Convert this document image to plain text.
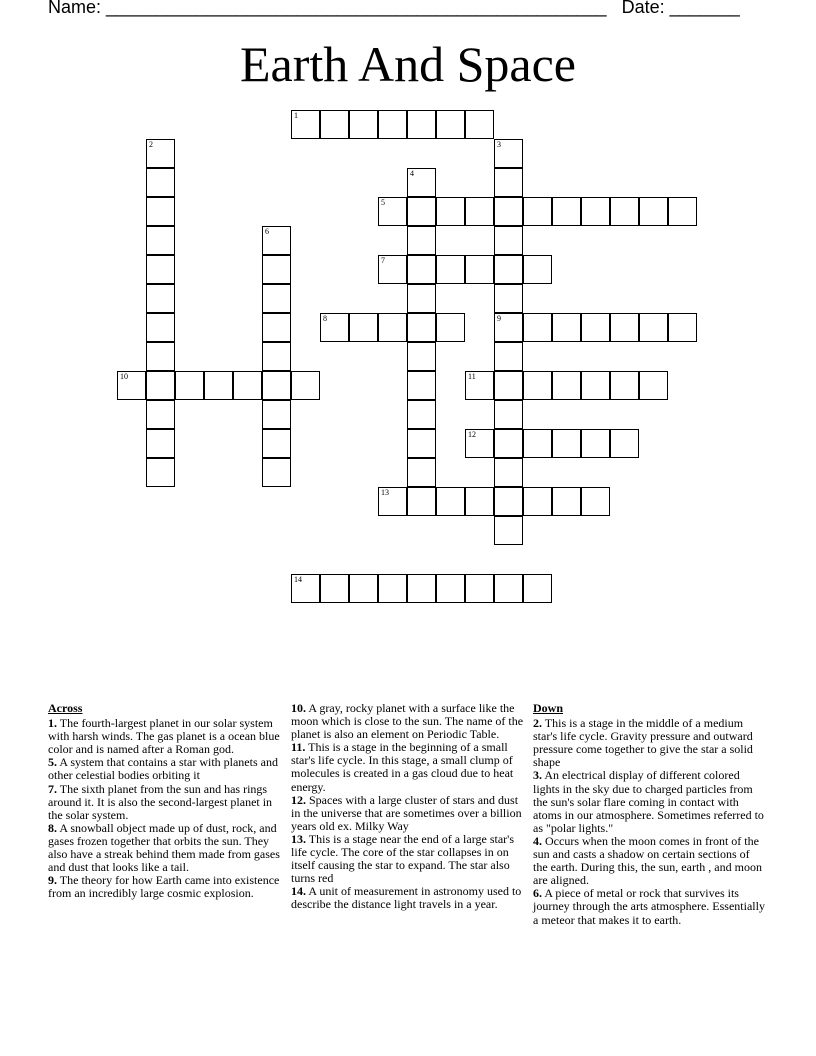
Name: __________________________________________________ Date: _______
Earth And Space
1
2	3
9
4
5
6
7
8
10	11
12
13
14
Across
1. The fourth-largest planet in our solar system with harsh winds. The gas planet is a ocean blue color and is named after a Roman god.
5. A system that contains a star with planets and other celestial bodies orbiting it
7. The sixth planet from the sun and has rings around it. It is also the second-largest planet in the solar system.
8. A snowball object made up of dust, rock, and gases frozen together that orbits the sun. They also have a streak behind them made from gases and dust that looks like a tail.
9. The theory for how Earth came into existence from an incredibly large cosmic explosion.
10. A gray, rocky planet with a surface like the moon which is close to the sun. The name of the planet is also an element on Periodic Table.
11. This is a stage in the beginning of a small star's life cycle. In this stage, a small clump of molecules is created in a gas cloud due to heat energy.
12. Spaces with a large cluster of stars and dust in the universe that are sometimes over a billion years old ex. Milky Way
13. This is a stage near the end of a large star's life cycle. The core of the star collapses in on itself causing the star to expand. The star also turns red
14. A unit of measurement in astronomy used to describe the distance light travels in a year.
Down
2. This is a stage in the middle of a medium star's life cycle. Gravity pressure and outward pressure come together to give the star a solid shape
3. An electrical display of different colored lights in the sky due to charged particles from the sun's solar flare coming in contact with atoms in our atmosphere. Sometimes referred to as "polar lights."
4. Occurs when the moon comes in front of the sun and casts a shadow on certain sections of the earth. During this, the sun, earth , and moon are aligned.
6. A piece of metal or rock that survives its journey through the arts atmosphere. Essentially a meteor that makes it to earth.
